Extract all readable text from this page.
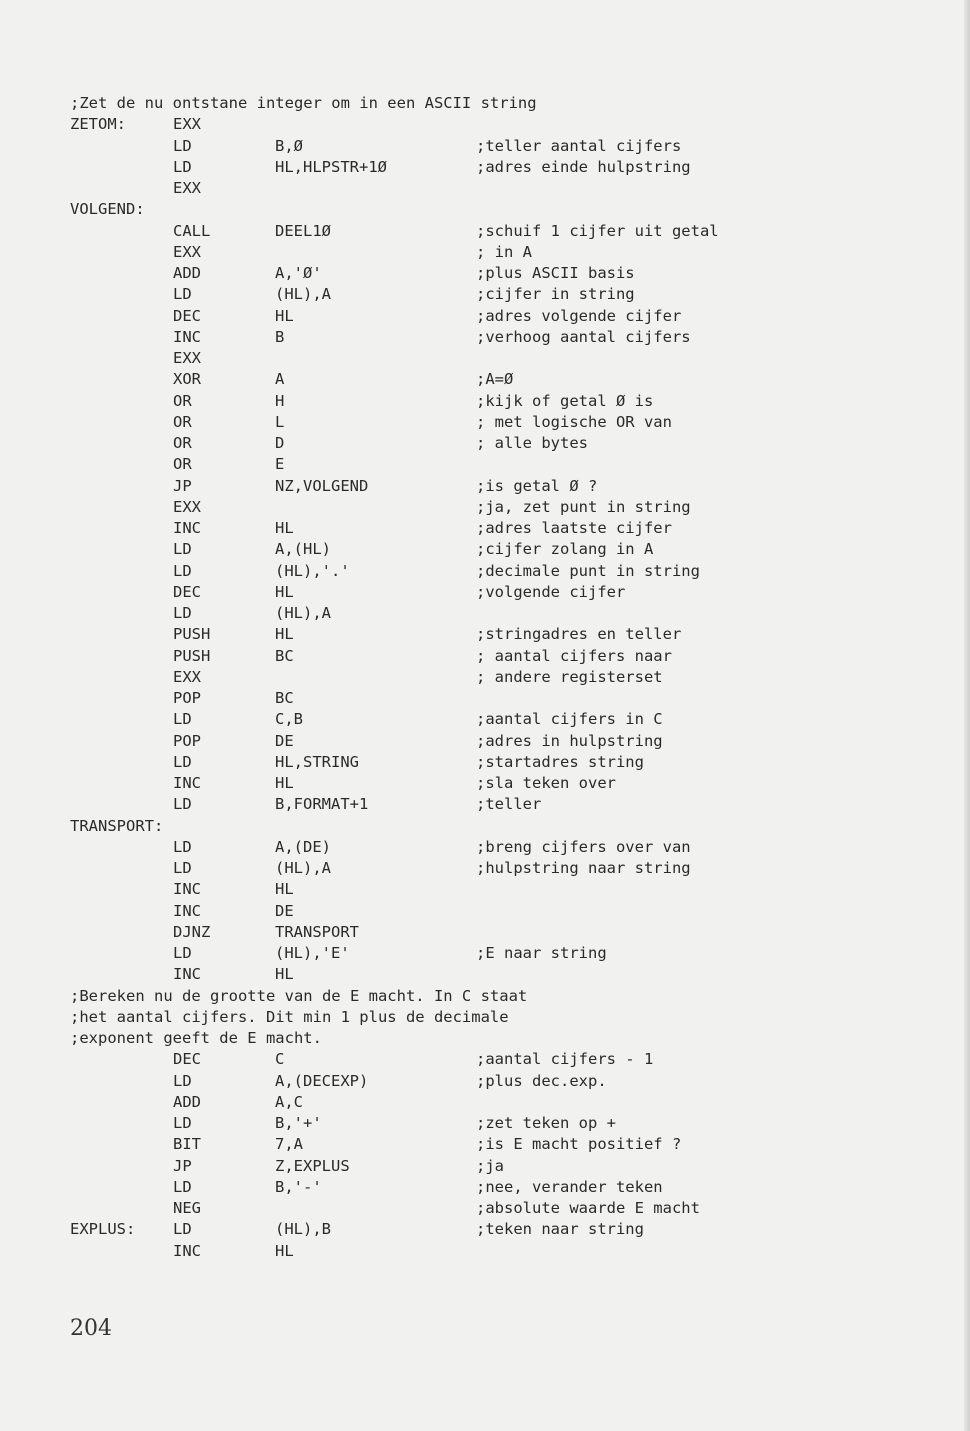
;Zet de nu ontstane integer om in een ASCII string
ZETOM:	EXX
LD	B,Ø	;teller aantal cijfers
LD	HL,HLPSTR+1Ø	;adres einde hulpstring
EXX
VOLGEND:
CALL	DEEL1Ø	;schuif 1 cijfer uit getal
EXX	; in A
ADD	A,'Ø'	;plus ASCII basis
LD	(HL),A	;cijfer in string
DEC	HL	;adres volgende cijfer
INC	B	;verhoog aantal cijfers
EXX
XOR	A	;A=Ø
OR	H	;kijk of getal Ø is
OR	L	; met logische OR van
OR	D	; alle bytes
OR	E
JP	NZ,VOLGEND	;is getal Ø ?
EXX	;ja, zet punt in string
INC	HL	;adres laatste cijfer
LD	A,(HL)	;cijfer zolang in A
LD	(HL),'.'	;decimale punt in string
DEC	HL	;volgende cijfer
LD	(HL),A
PUSH	HL	;stringadres en teller
PUSH	BC	; aantal cijfers naar
EXX	; andere registerset
POP	BC
LD	C,B	;aantal cijfers in C
POP	DE	;adres in hulpstring
LD	HL,STRING	;startadres string
INC	HL	;sla teken over
LD	B,FORMAT+1	;teller
TRANSPORT:
LD	A,(DE)	;breng cijfers over van
LD	(HL),A	;hulpstring naar string
INC	HL
INC	DE
DJNZ	TRANSPORT
LD	(HL),'E'	;E naar string
INC	HL
;Bereken nu de grootte van de E macht. In C staat
;het aantal cijfers. Dit min 1 plus de decimale
;exponent geeft de E macht.
DEC	C	;aantal cijfers - 1
LD	A,(DECEXP)	;plus dec.exp.
ADD	A,C
LD	B,'+'	;zet teken op +
BIT	7,A	;is E macht positief ?
JP	Z,EXPLUS	;ja
LD	B,'-'	;nee, verander teken
NEG	;absolute waarde E macht
EXPLUS: LD	(HL),B	;teken naar string
INC	HL
204
